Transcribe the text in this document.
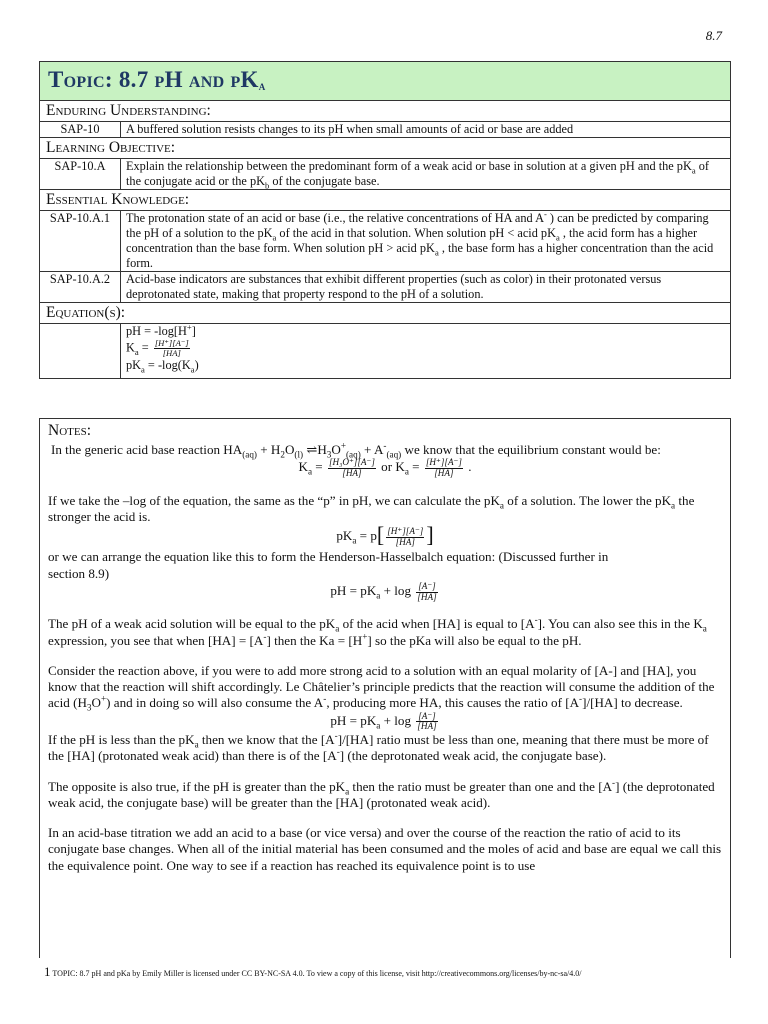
8.7
Topic: 8.7 pH and $pK_a$
Enduring Understanding:	
SAP-10	A buffered solution resists changes to its pH when small amounts of acid or base are added
Learning Objective:	
SAP-10.A	Explain the relationship between the predominant form of a weak acid or base in solution at a given pH and the $pK_a$ of the conjugate acid or the $pK_b$ of the conjugate base.
Essential Knowledge:	
SAP-10.A.1	The protonation state of an acid or base (i.e., the relative concentrations of HA and A- ) can be predicted by comparing the pH of a solution to the $pK_a$ of the acid in that solution. When solution pH < acid $pK_a$ , the acid form has a higher concentration than the base form. When solution pH > acid $pK_a$ , the base form has a higher concentration than the acid form.
SAP-10.A.2	Acid-base indicators are substances that exhibit different properties (such as color) in their protonated versus deprotonated state, making that property respond to the pH of a solution.
Equation(s):	

	pH = -log[H+]
$K_a = \frac{[H^+][A^-]}{[HA]}$
$pK_a = -\log(K_a)$

Notes:

In the generic acid base reaction $HA_{(aq)} + H_2O_{(l)}$ $\rightleftharpoons H_3O^+_{(aq)} + A^-_{(aq)}$ we know that the equilibrium constant would be:

$K_a = \frac{\text{[H₃O⁺][A⁻]}}{[HA]}$ or $K_a = \frac{[H^+][A^-]}{[HA]}$ .

If we take the –log of the equation, the same as the “p” in pH, we can calculate the $pK_a$ of a solution. The lower the $pK_a$ the stronger the acid is.

$pK_a = p[ \frac{[H^+][A^-]}{[HA]}$ ]

or we can arrange the equation like this to form the Henderson-Hasselbalch equation: (Discussed further in
section 8.9)

pH = $pK_a + \log \frac{[A^-]}{[HA]}$

The pH of a weak acid solution will be equal to the $pK_a$ of the acid when [HA] is equal to [A-]. You can also see this in the $K_a$ expression, you see that when [HA] = [A-] then the Ka = [H+] so the pKa will also be equal to the pH.

Consider the reaction above, if you were to add more strong acid to a solution with an equal molarity of [A-] and [HA], you know that the reaction will shift accordingly. Le Châtelier’s principle predicts that the reaction will consume the addition of the acid $(H_3O^+)$ and in doing so will also consume the A-, producing more HA, this causes the ratio of [A-]/[HA] to decrease.

pH = $pK_a + \log \frac{[A^-]}{[HA]}$

If the pH is less than the $pK_a$ then we know that the [A-]/[HA] ratio must be less than one, meaning that there must be more of the [HA] (protonated weak acid) than there is of the [A-] (the deprotonated weak acid, the conjugate base).

The opposite is also true, if the pH is greater than the $pK_a$ then the ratio must be greater than one and the [A-] (the deprotonated weak acid, the conjugate base) will be greater than the [HA] (protonated weak acid).

In an acid-base titration we add an acid to a base (or vice versa) and over the course of the reaction the ratio of acid to its conjugate base changes. When all of the initial material has been consumed and the moles of acid and base are equal we call this the equivalence point. One way to see if a reaction has reached its equivalence point is to use

1 TOPIC: 8.7 pH and pKa by Emily Miller is licensed under CC BY-NC-SA 4.0. To view a copy of this license, visit http://creativecommons.org/licenses/by-nc-sa/4.0/
